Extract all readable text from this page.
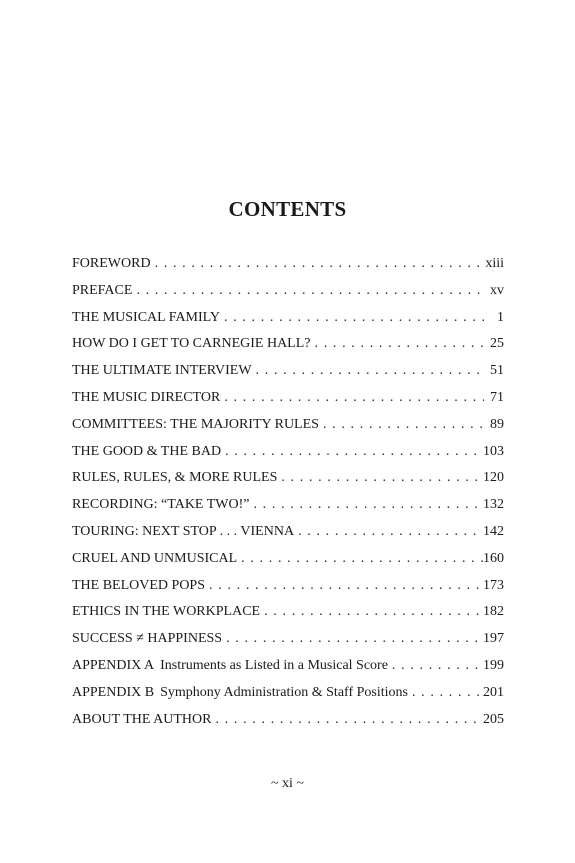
CONTENTS
FOREWORD . . .	xiii
PREFACE . . .	xv
THE MUSICAL FAMILY . . .	1
HOW DO I GET TO CARNEGIE HALL? . . .	25
THE ULTIMATE INTERVIEW . . .	51
THE MUSIC DIRECTOR . . .	71
COMMITTEES: THE MAJORITY RULES . . .	89
THE GOOD & THE BAD . . .	103
RULES, RULES, & MORE RULES . . .	120
RECORDING: “TAKE TWO!” . . .	132
TOURING: NEXT STOP . . . VIENNA . . .	142
CRUEL AND UNMUSICAL . . .	160
THE BELOVED POPS . . .	173
ETHICS IN THE WORKPLACE . . .	182
SUCCESS ≠ HAPPINESS . . .	197
APPENDIX A Instruments as Listed in a Musical Score . . .	199
APPENDIX B Symphony Administration & Staff Positions . . .	201
ABOUT THE AUTHOR . . .	205
~ xi ~
